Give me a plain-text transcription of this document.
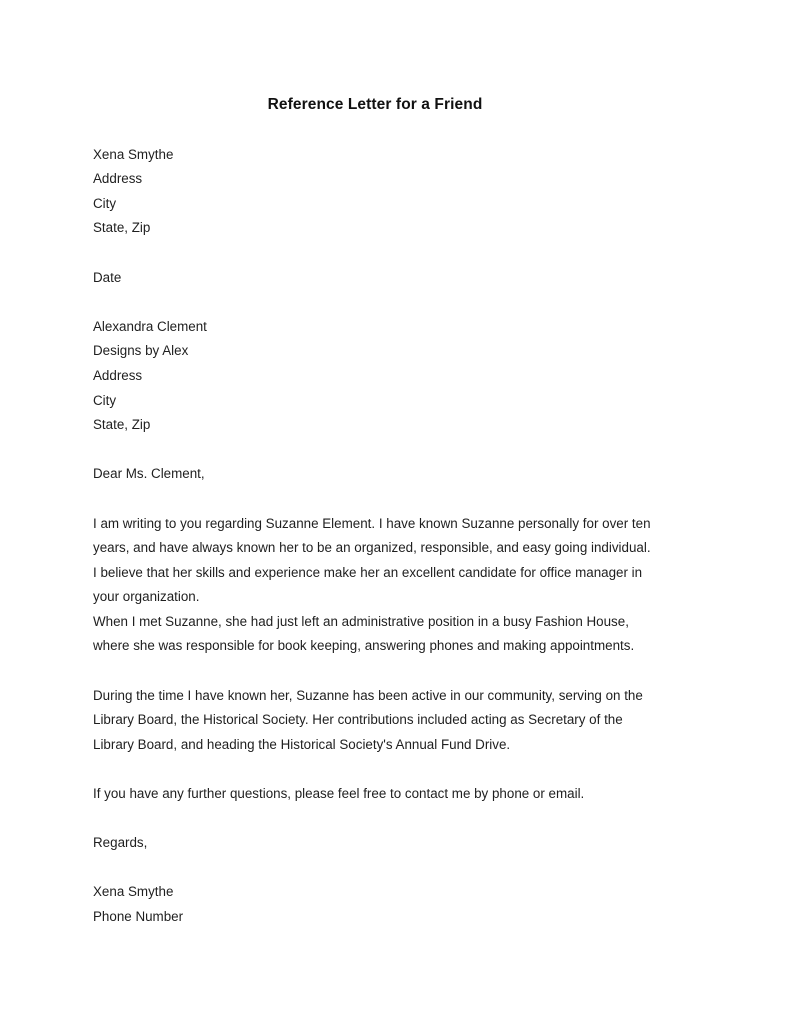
Reference Letter for a Friend
Xena Smythe
Address
City
State, Zip
Date
Alexandra Clement
Designs by Alex
Address
City
State, Zip

Dear Ms. Clement,

I am writing to you regarding Suzanne Element. I have known Suzanne personally for over ten years, and have always known her to be an organized, responsible, and easy going individual. I believe that her skills and experience make her an excellent candidate for office manager in your organization.

When I met Suzanne, she had just left an administrative position in a busy Fashion House, where she was responsible for book keeping, answering phones and making appointments.

During the time I have known her, Suzanne has been active in our community, serving on the Library Board, the Historical Society. Her contributions included acting as Secretary of the Library Board, and heading the Historical Society's Annual Fund Drive.

If you have any further questions, please feel free to contact me by phone or email.

Regards,

Xena Smythe
Phone Number
